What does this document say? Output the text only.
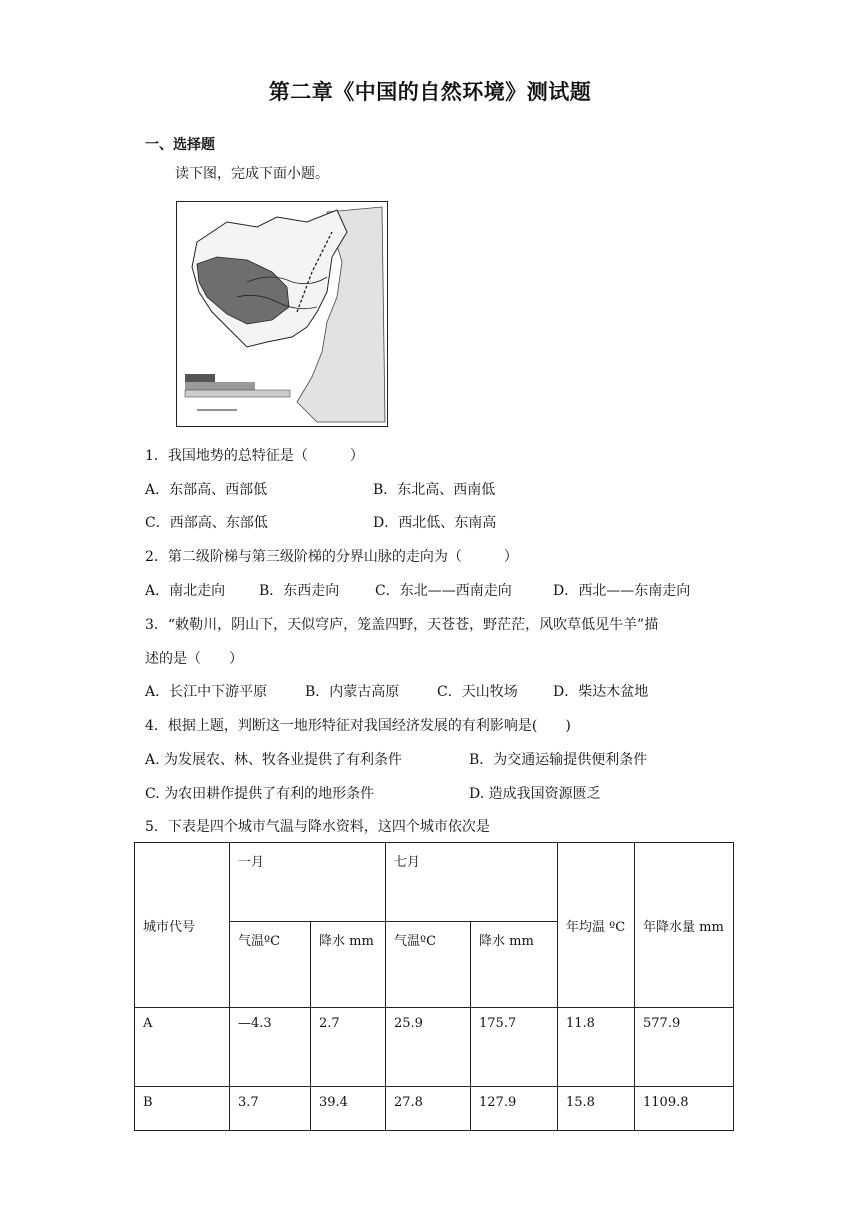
第二章《中国的自然环境》测试题
一、选择题
读下图，完成下面小题。
1．我国地势的总特征是（　　　）
A．东部高、西部低	B．东北高、西南低
C．西部高、东部低	D．西北低、东南高
2．第二级阶梯与第三级阶梯的分界山脉的走向为（　　　）
A．南北走向 B．东西走向	C．东北——西南走向	D．西北——东南走向
3．“敕勒川，阴山下，天似穹庐，笼盖四野，天苍苍，野茫茫，风吹草低见牛羊”描
述的是（　　）
A．长江中下游平原	B．内蒙古高原	C．天山牧场	D．柴达木盆地
4．根据上题，判断这一地形特征对我国经济发展的有利影响是(　　)
A. 为发展农、林、牧各业提供了有利条件	B．为交通运输提供便利条件
C. 为农田耕作提供了有利的地形条件	D. 造成我国资源匮乏
5．下表是四个城市气温与降水资料，这四个城市依次是
城市代号	一月		七月		年均温 ºC	年降水量 mm
	气温ºC	降水 mm	气温ºC	降水 mm		
A	—4.3	2.7	25.9	175.7	11.8	577.9
B	3.7	39.4	27.8	127.9	15.8	1109.8
